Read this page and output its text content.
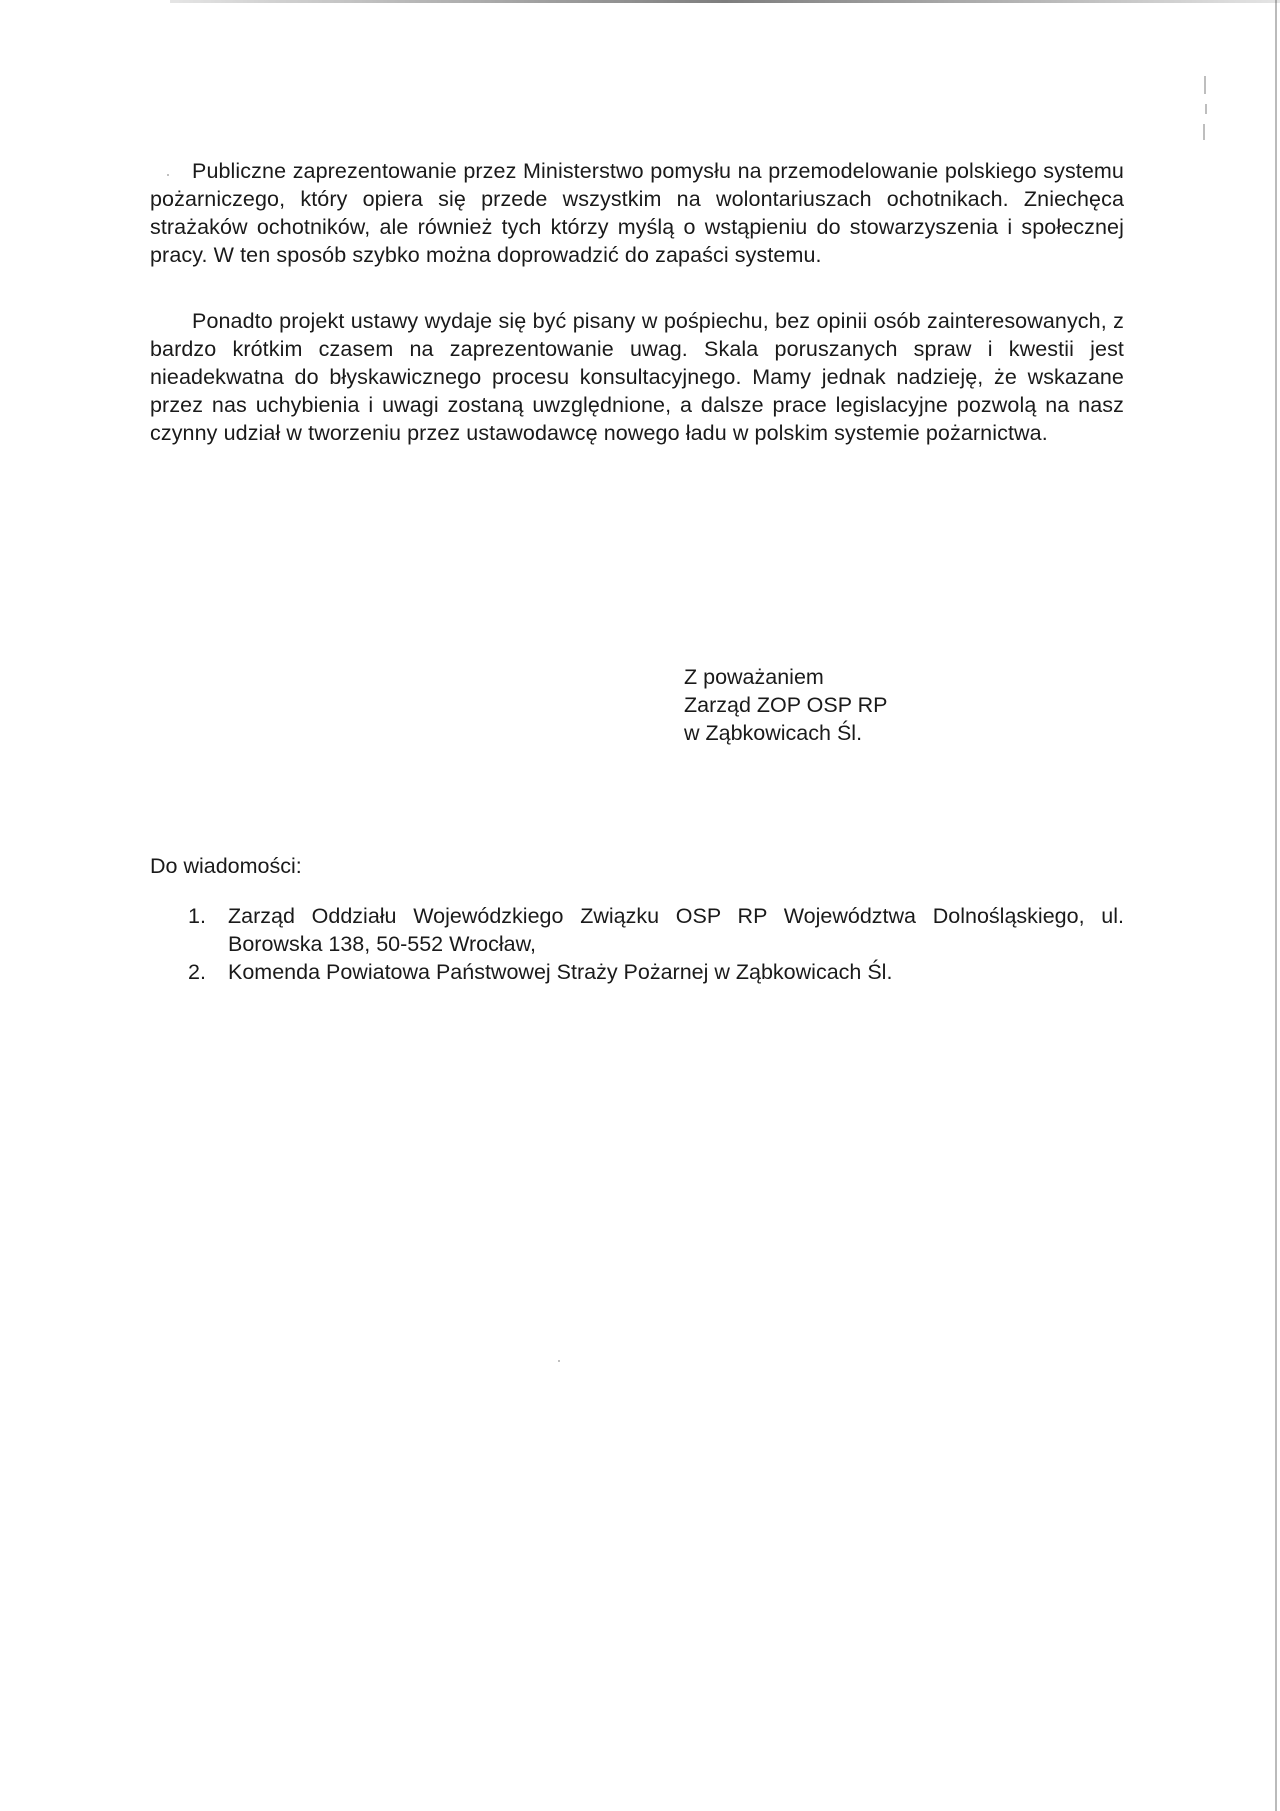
Publiczne zaprezentowanie przez Ministerstwo pomysłu na przemodelowanie polskiego systemu pożarniczego, który opiera się przede wszystkim na wolontariuszach ochotnikach. Zniechęca strażaków ochotników, ale również tych którzy myślą o wstąpieniu do stowarzyszenia i społecznej pracy. W ten sposób szybko można doprowadzić do zapaści systemu.

Ponadto projekt ustawy wydaje się być pisany w pośpiechu, bez opinii osób zainteresowanych, z bardzo krótkim czasem na zaprezentowanie uwag. Skala poruszanych spraw i kwestii jest nieadekwatna do błyskawicznego procesu konsultacyjnego. Mamy jednak nadzieję, że wskazane przez nas uchybienia i uwagi zostaną uwzględnione, a dalsze prace legislacyjne pozwolą na nasz czynny udział w tworzeniu przez ustawodawcę nowego ładu w polskim systemie pożarnictwa.

Z poważaniem
Zarząd ZOP OSP RP
w Ząbkowicach Śl.
Do wiadomości:
1. Zarząd Oddziału Wojewódzkiego Związku OSP RP Województwa Dolnośląskiego, ul. Borowska 138, 50-552 Wrocław,
2. Komenda Powiatowa Państwowej Straży Pożarnej w Ząbkowicach Śl.
